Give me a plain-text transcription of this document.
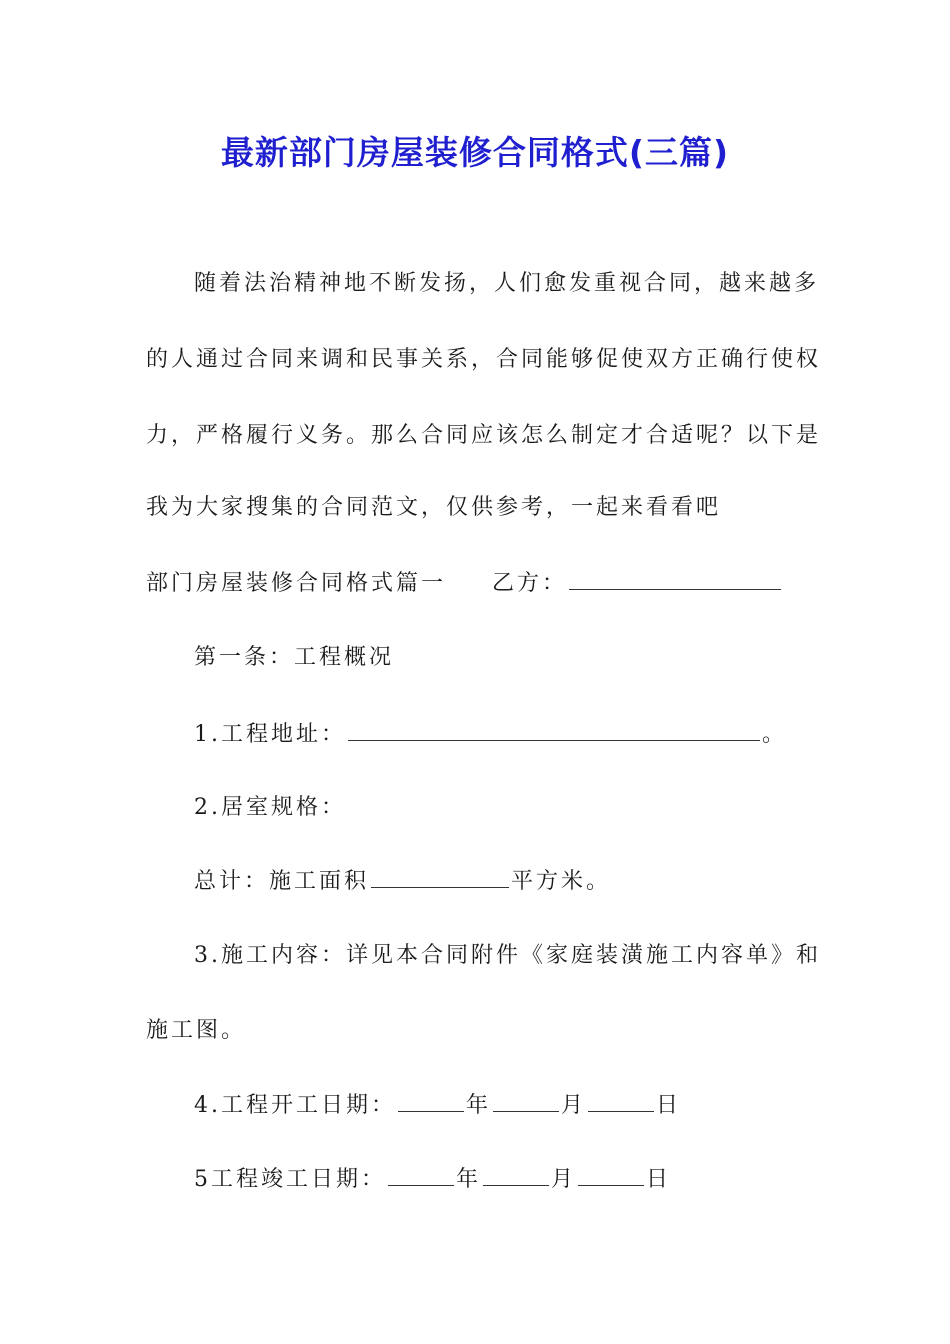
最新部门房屋装修合同格式(三篇)
随着法治精神地不断发扬，人们愈发重视合同，越来越多
的人通过合同来调和民事关系，合同能够促使双方正确行使权
力，严格履行义务。那么合同应该怎么制定才合适呢？以下是
我为大家搜集的合同范文，仅供参考，一起来看看吧
部门房屋装修合同格式篇一 乙方：
第一条：工程概况
1.工程地址：	。
2.居室规格：
总计：施工面积	平方米。
3.施工内容：详见本合同附件《家庭装潢施工内容单》和
施工图。
4.工程开工日期：	年	月	日
5工程竣工日期：	年	月	日
